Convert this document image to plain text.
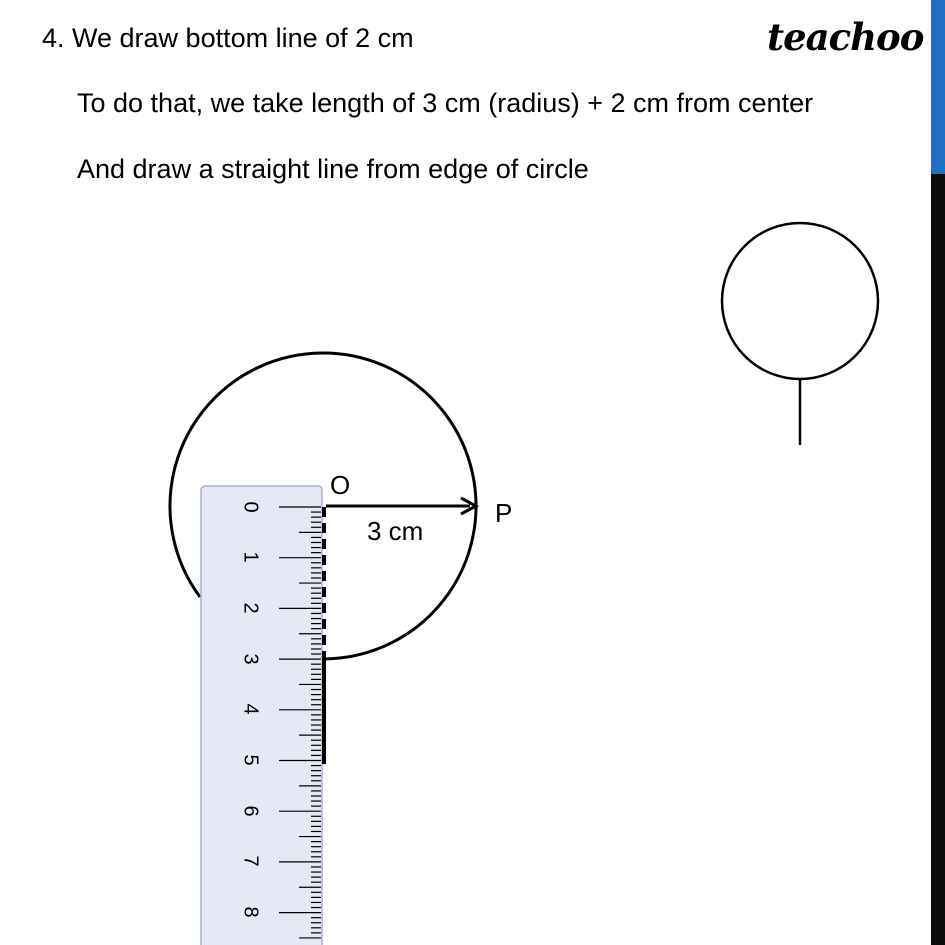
4. We draw bottom line of 2 cm	teachoo
To do that, we take length of 3 cm (radius) + 2 cm from center
And draw a straight line from edge of circle
O
P
3 cm
0
1
2
3
4
5
6
7
8
